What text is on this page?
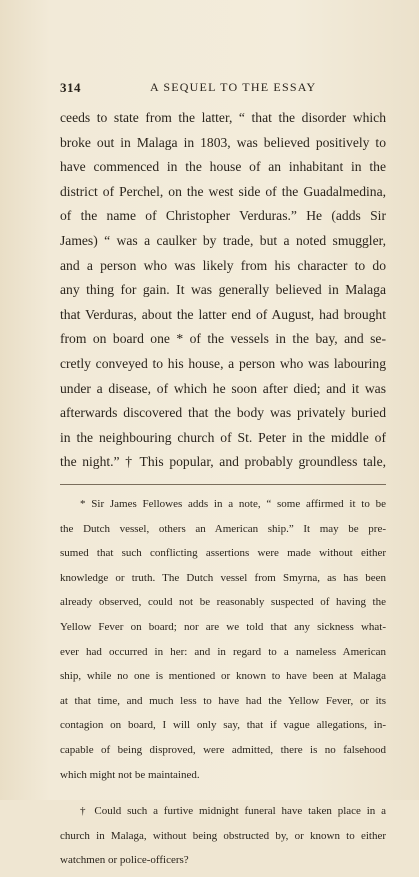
314	A SEQUEL TO THE ESSAY
ceeds to state from the latter, “ that the disorder which
broke out in Malaga in 1803, was believed positively to
have commenced in the house of an inhabitant in the
district of Perchel, on the west side of the Guadalmedina,
of the name of Christopher Verduras.” He (adds Sir
James) “ was a caulker by trade, but a noted smuggler,
and a person who was likely from his character to do
any thing for gain. It was generally believed in Malaga
that Verduras, about the latter end of August, had brought
from on board one * of the vessels in the bay, and se-
cretly conveyed to his house, a person who was labouring
under a disease, of which he soon after died; and it was
afterwards discovered that the body was privately buried
in the neighbouring church of St. Peter in the middle of
the night.” † This popular, and probably groundless tale,
* Sir James Fellowes adds in a note, “ some affirmed it to be
the Dutch vessel, others an American ship.” It may be pre-
sumed that such conflicting assertions were made without either
knowledge or truth. The Dutch vessel from Smyrna, as has been
already observed, could not be reasonably suspected of having the
Yellow Fever on board; nor are we told that any sickness what-
ever had occurred in her: and in regard to a nameless American
ship, while no one is mentioned or known to have been at Malaga
at that time, and much less to have had the Yellow Fever, or its
contagion on board, I will only say, that if vague allegations, in-
capable of being disproved, were admitted, there is no falsehood
which might not be maintained.
† Could such a furtive midnight funeral have taken place in a
church in Malaga, without being obstructed by, or known to either
watchmen or police-officers?
